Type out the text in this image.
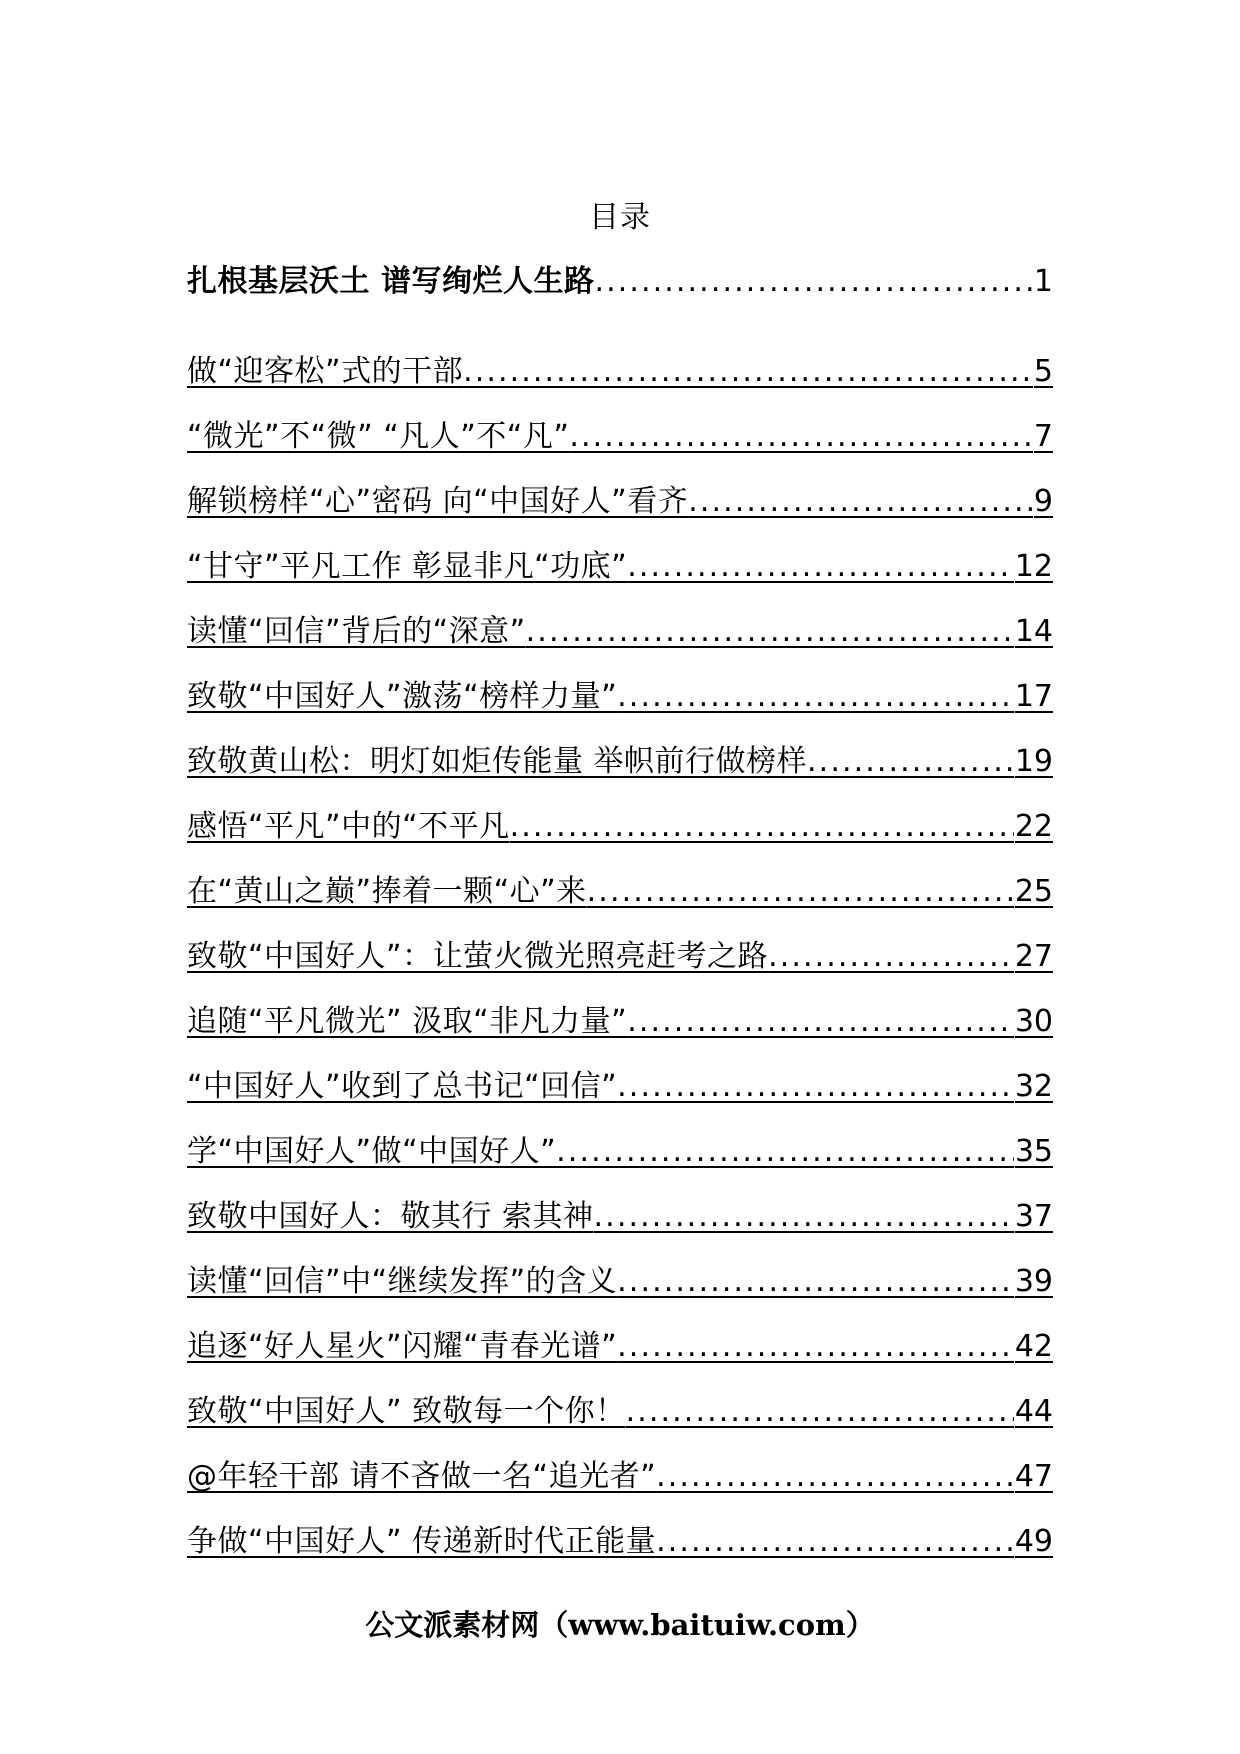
目录
扎根基层沃土 谱写绚烂人生路 .....	1
做“迎客松”式的干部 .....	5
“微光”不“微” “凡人”不“凡” .....	7
解锁榜样“心”密码 向“中国好人”看齐 .....	9
“甘守”平凡工作 彰显非凡“功底” .....	12
读懂“回信”背后的“深意” .....	14
致敬“中国好人”激荡“榜样力量” .....	17
致敬黄山松：明灯如炬传能量 举帜前行做榜样 .....	19
感悟“平凡”中的“不平凡 .....	22
在“黄山之巅”捧着一颗“心”来 .....	25
致敬“中国好人”：让萤火微光照亮赶考之路 .....	27
追随“平凡微光” 汲取“非凡力量” .....	30
“中国好人”收到了总书记“回信” .....	32
学“中国好人”做“中国好人” .....	35
致敬中国好人：敬其行 索其神 .....	37
读懂“回信”中“继续发挥”的含义 .....	39
追逐“好人星火”闪耀“青春光谱” .....	42
致敬“中国好人” 致敬每一个你！ .....	44
@年轻干部 请不吝做一名“追光者” .....	47
争做“中国好人” 传递新时代正能量 .....	49
公文派素材网（www.baituiw.com）
